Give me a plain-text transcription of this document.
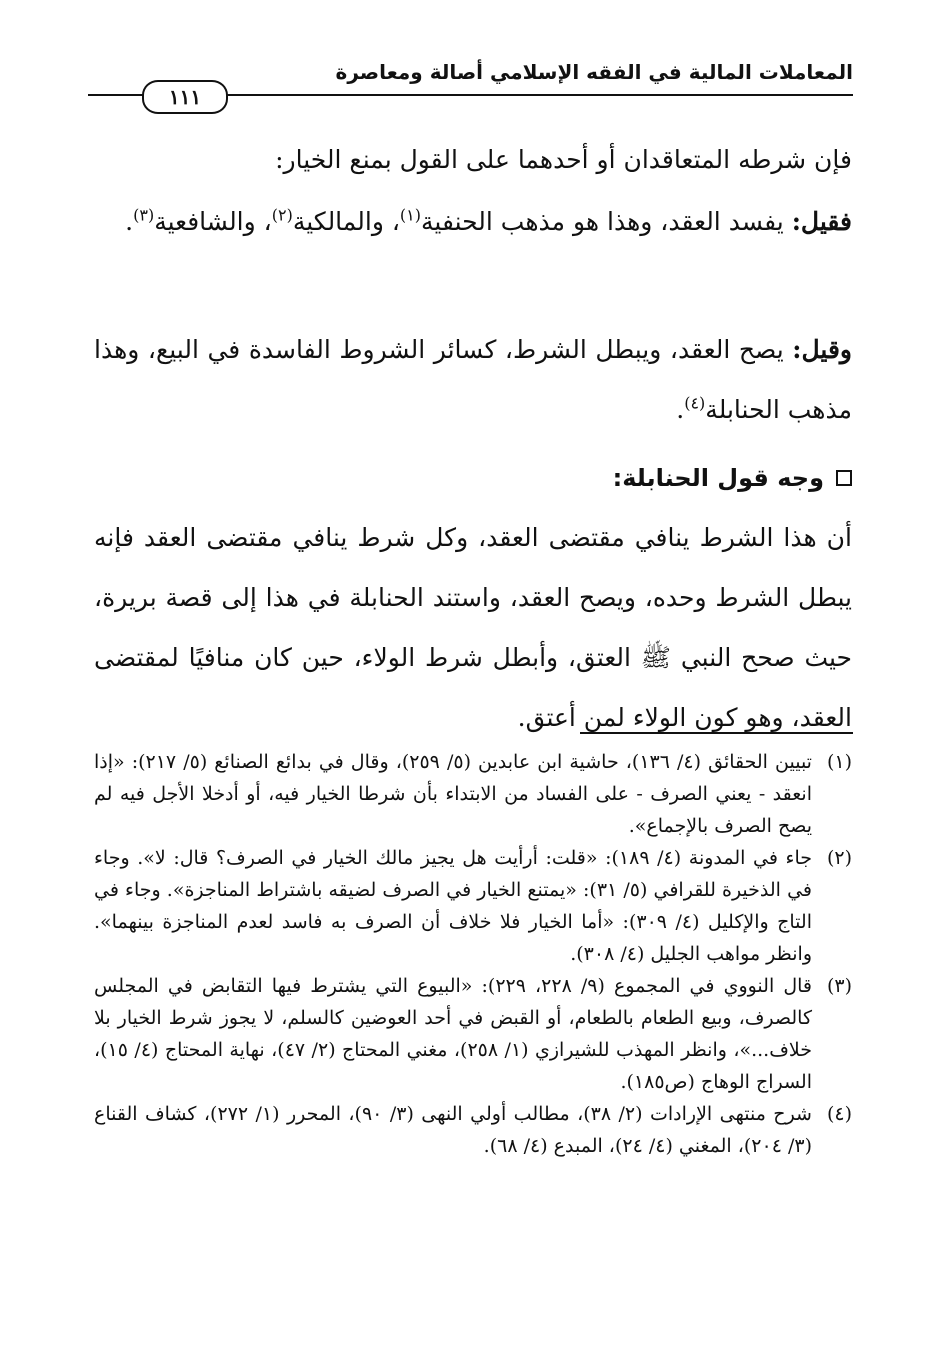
المعاملات المالية في الفقه الإسلامي أصالة ومعاصرة
١١١

فإن شرطه المتعاقدان أو أحدهما على القول بمنع الخيار:

فقيل: يفسد العقد، وهذا هو مذهب الحنفية$^{(١)}$، والمالكية$^{(٢)}$، والشافعية$^{(٣)}$.

وقيل: يصح العقد، ويبطل الشرط، كسائر الشروط الفاسدة في البيع، وهذا مذهب الحنابلة$^{(٤)}$.

وجه قول الحنابلة:

أن هذا الشرط ينافي مقتضى العقد، وكل شرط ينافي مقتضى العقد فإنه يبطل الشرط وحده، ويصح العقد، واستند الحنابلة في هذا إلى قصة بريرة، حيث صحح النبي ﷺ العتق، وأبطل شرط الولاء، حين كان منافيًا لمقتضى العقد، وهو كون الولاء لمن أعتق.

(١)

تبيين الحقائق (٤/ ١٣٦)، حاشية ابن عابدين (٥/ ٢٥٩)، وقال في بدائع الصنائع (٥/ ٢١٧): «إذا انعقد - يعني الصرف - على الفساد من الابتداء بأن شرطا الخيار فيه، أو أدخلا الأجل فيه لم يصح الصرف بالإجماع».

(٢)

جاء في المدونة (٤/ ١٨٩): «قلت: أرأيت هل يجيز مالك الخيار في الصرف؟ قال: لا». وجاء في الذخيرة للقرافي (٥/ ٣١): «يمتنع الخيار في الصرف لضيقه باشتراط المناجزة». وجاء في التاج والإكليل (٤/ ٣٠٩): «أما الخيار فلا خلاف أن الصرف به فاسد لعدم المناجزة بينهما». وانظر مواهب الجليل (٤/ ٣٠٨).

(٣)

قال النووي في المجموع (٩/ ٢٢٨، ٢٢٩): «البيوع التي يشترط فيها التقابض في المجلس كالصرف، وبيع الطعام بالطعام، أو القبض في أحد العوضين كالسلم، لا يجوز شرط الخيار بلا خلاف...»، وانظر المهذب للشيرازي (١/ ٢٥٨)، مغني المحتاج (٢/ ٤٧)، نهاية المحتاج (٤/ ١٥)، السراج الوهاج (ص١٨٥).

(٤)

شرح منتهى الإرادات (٢/ ٣٨)، مطالب أولي النهى (٣/ ٩٠)، المحرر (١/ ٢٧٢)، كشاف القناع (٣/ ٢٠٤)، المغني (٤/ ٢٤)، المبدع (٤/ ٦٨).
